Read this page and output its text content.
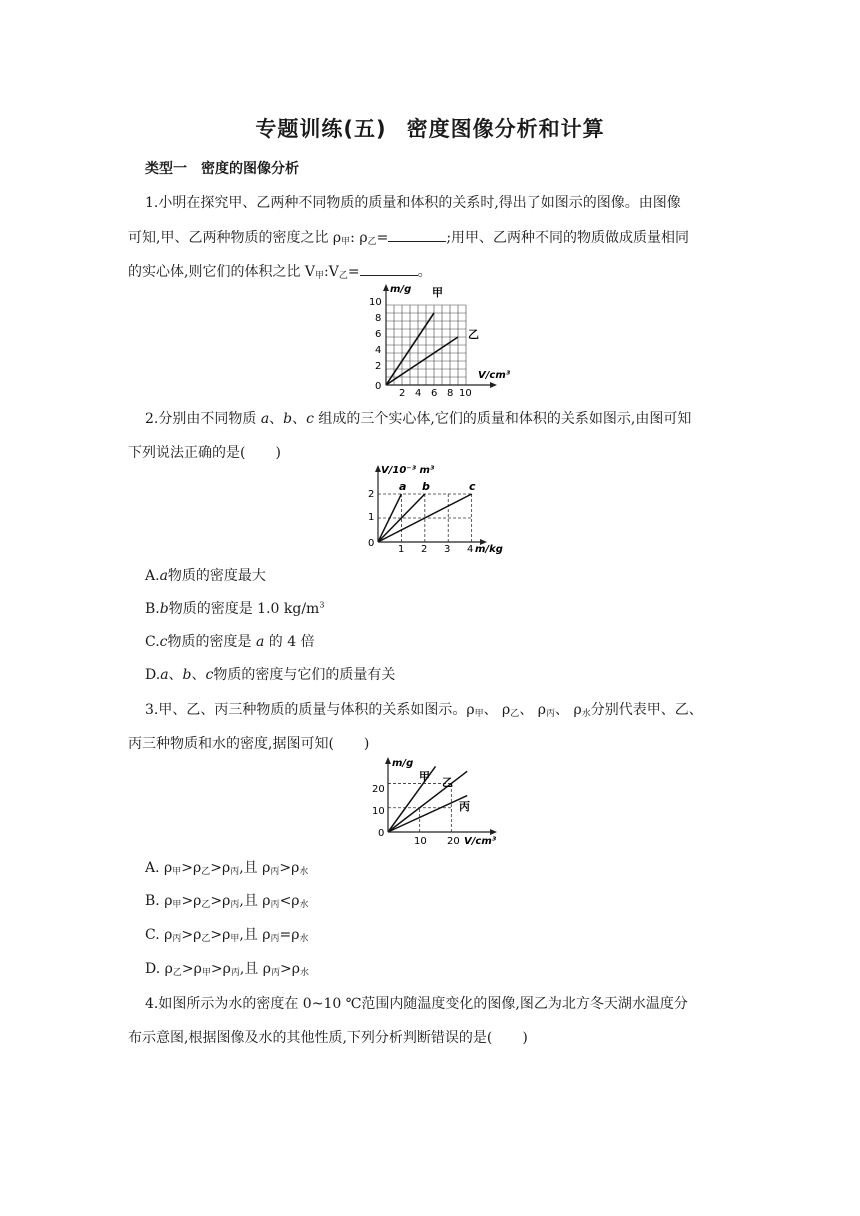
专题训练(五) 密度图像分析和计算
类型一 密度的图像分析
1.小明在探究甲、乙两种不同物质的质量和体积的关系时,得出了如图示的图像。由图像
可知,甲、乙两种物质的密度之比 $\rho_甲$: $\rho_乙=$	;用甲、乙两种不同的物质做成质量相同
的实心体,则它们的体积之比 $V_甲:V_乙=$	。
m/g
V/cm³
0
10
8
6
4
2
2 4 6 8 10
甲
乙
2.分别由不同物质 a、b、c 组成的三个实心体,它们的质量和体积的关系如图示,由图可知
下列说法正确的是( )
V/10⁻³ m³
m/kg
0
2
1
1 2 3 4
a b	c
A.a物质的密度最大
B.b物质的密度是 1.0 $kg/m^3$
C.c物质的密度是 a 的 4 倍
D.a、b、c物质的密度与它们的质量有关
3.甲、乙、丙三种物质的质量与体积的关系如图示。$\rho_甲$、 $\rho_乙$、 $\rho_丙$、 $\rho_水$分别代表甲、乙、
丙三种物质和水的密度,据图可知( )
m/g
V/cm³
0
20
10
10 20
甲 乙
丙
A. $\rho_甲>\rho_乙>\rho_丙$,且 $\rho_丙>\rho_水$
B. $\rho_甲>\rho_乙>\rho_丙$,且 $\rho_丙<\rho_水$
C. $\rho_丙>\rho_乙>\rho_甲$,且 $\rho_丙=\rho_水$
D. $\rho_乙>\rho_甲>\rho_丙$,且 $\rho_丙>\rho_水$
4.如图所示为水的密度在 0~10 ℃范围内随温度变化的图像,图乙为北方冬天湖水温度分
布示意图,根据图像及水的其他性质,下列分析判断错误的是( )
